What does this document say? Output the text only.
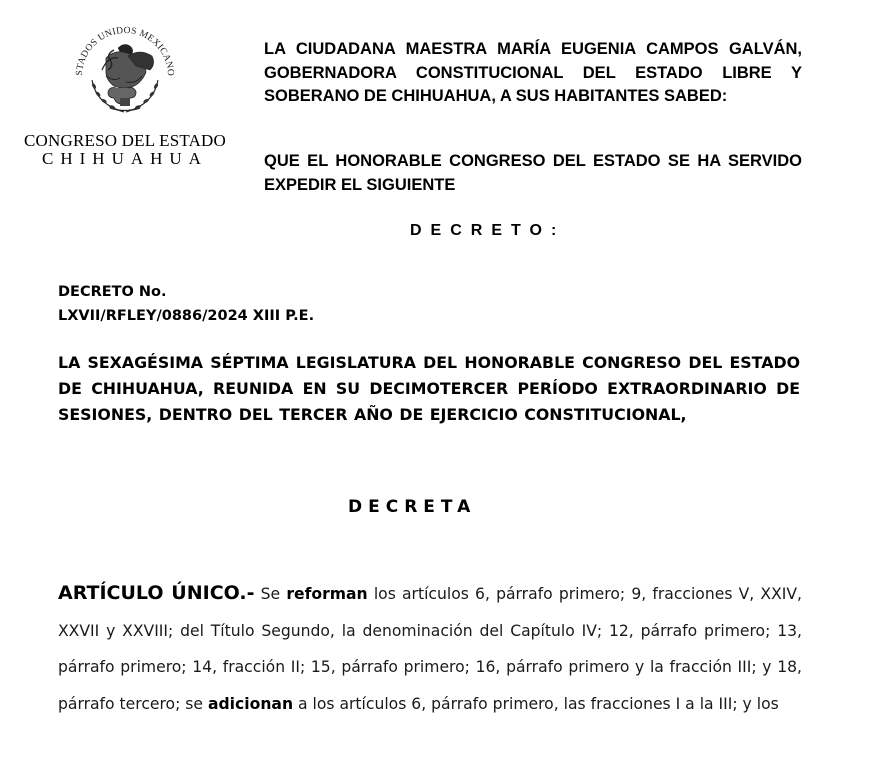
STADOS UNIDOS MEXICANO
CONGRESO DEL ESTADO
CHIHUAHUA

LA CIUDADANA MAESTRA MARÍA EUGENIA CAMPOS GALVÁN, GOBERNADORA CONSTITUCIONAL DEL ESTADO LIBRE Y SOBERANO DE CHIHUAHUA, A SUS HABITANTES SABED:

QUE EL HONORABLE CONGRESO DEL ESTADO SE HA SERVIDO EXPEDIR EL SIGUIENTE

DECRETO:

DECRETO No.
LXVII/RFLEY/0886/2024 XIII P.E.

LA SEXAGÉSIMA SÉPTIMA LEGISLATURA DEL HONORABLE CONGRESO DEL ESTADO DE CHIHUAHUA, REUNIDA EN SU DECIMOTERCER PERÍODO EXTRAORDINARIO DE SESIONES, DENTRO DEL TERCER AÑO DE EJERCICIO CONSTITUCIONAL,

DECRETA

ARTÍCULO ÚNICO.- Se reforman los artículos 6, párrafo primero; 9, fracciones V, XXIV, XXVII y XXVIII; del Título Segundo, la denominación del Capítulo IV; 12, párrafo primero; 13, párrafo primero; 14, fracción II; 15, párrafo primero; 16, párrafo primero y la fracción III; y 18, párrafo tercero; se adicionan a los artículos 6, párrafo primero, las fracciones I a la III; y los
